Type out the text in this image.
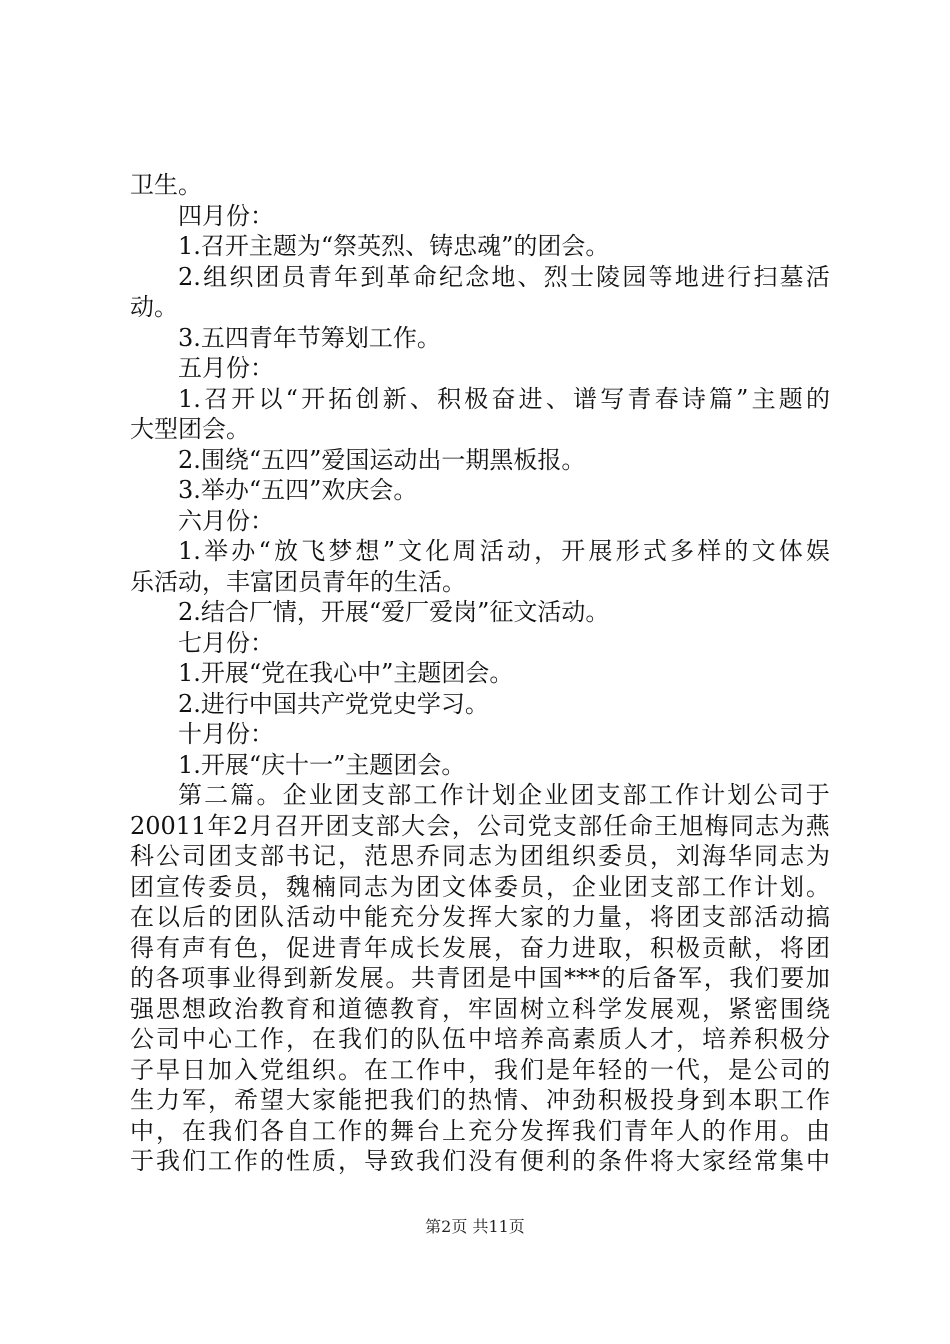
卫生。
四月份：
1.召开主题为“祭英烈、铸忠魂”的团会。
2. 组 织 团 员 青 年 到 革 命 纪 念 地 、 烈 士 陵 园 等 地 进 行 扫 墓 活
动。
3.五四青年节筹划工作。
五月份：
1. 召 开 以 “ 开 拓 创 新 、 积 极 奋 进 、 谱 写 青 春 诗 篇 ” 主 题 的
大型团会。
2.围绕“五四”爱国运动出一期黑板报。
3.举办“五四”欢庆会。
六月份：
1. 举 办 “ 放 飞 梦 想 ” 文 化 周 活 动 ， 开 展 形 式 多 样 的 文 体 娱
乐活动，丰富团员青年的生活。
2.结合厂情，开展“爱厂爱岗”征文活动。
七月份：
1.开展“党在我心中”主题团会。
2.进行中国共产党党史学习。
十月份：
1.开展“庆十一”主题团会。
第 二 篇 。 企 业 团 支 部 工 作 计 划 企 业 团 支 部 工 作 计 划 公 司 于
20011 年 2 月 召 开 团 支 部 大 会 ， 公 司 党 支 部 任 命 王 旭 梅 同 志 为 燕
科 公 司 团 支 部 书 记 ， 范 思 乔 同 志 为 团 组 织 委 员 ， 刘 海 华 同 志 为
团 宣 传 委 员 ， 魏 楠 同 志 为 团 文 体 委 员 ， 企 业 团 支 部 工 作 计 划 。
在 以 后 的 团 队 活 动 中 能 充 分 发 挥 大 家 的 力 量 ， 将 团 支 部 活 动 搞
得 有 声 有 色 ， 促 进 青 年 成 长 发 展 ， 奋 力 进 取 ， 积 极 贡 献 ， 将 团
的 各 项 事 业 得 到 新 发 展 。 共 青 团 是 中 国 *** 的 后 备 军 ， 我 们 要 加
强 思 想 政 治 教 育 和 道 德 教 育 ， 牢 固 树 立 科 学 发 展 观 ， 紧 密 围 绕
公 司 中 心 工 作 ， 在 我 们 的 队 伍 中 培 养 高 素 质 人 才 ， 培 养 积 极 分
子 早 日 加 入 党 组 织 。 在 工 作 中 ， 我 们 是 年 轻 的 一 代 ， 是 公 司 的
生 力 军 ， 希 望 大 家 能 把 我 们 的 热 情 、 冲 劲 积 极 投 身 到 本 职 工 作
中 ， 在 我 们 各 自 工 作 的 舞 台 上 充 分 发 挥 我 们 青 年 人 的 作 用 。 由
于 我 们 工 作 的 性 质 ， 导 致 我 们 没 有 便 利 的 条 件 将 大 家 经 常 集 中
第2页 共11页
